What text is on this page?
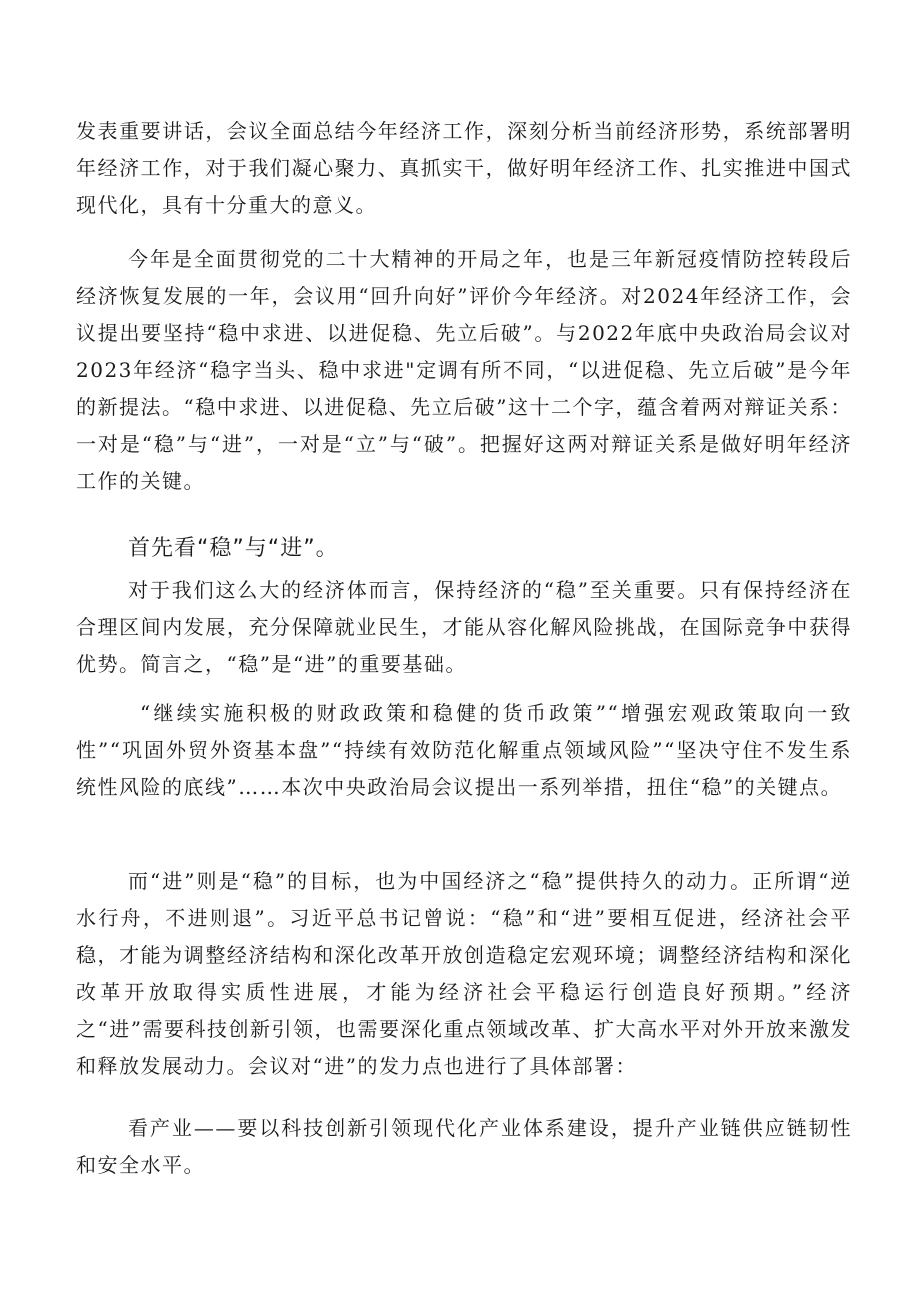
发表重要讲话，会议全面总结今年经济工作，深刻分析当前经济形势，系统部署明年经济工作，对于我们凝心聚力、真抓实干，做好明年经济工作、扎实推进中国式现代化，具有十分重大的意义。

今年是全面贯彻党的二十大精神的开局之年，也是三年新冠疫情防控转段后经济恢复发展的一年，会议用“回升向好”评价今年经济。对2024年经济工作，会议提出要坚持“稳中求进、以进促稳、先立后破”。与2022年底中央政治局会议对2023年经济“稳字当头、稳中求进"定调有所不同，“以进促稳、先立后破”是今年的新提法。“稳中求进、以进促稳、先立后破”这十二个字，蕴含着两对辩证关系：一对是“稳”与“进”，一对是“立”与“破”。把握好这两对辩证关系是做好明年经济工作的关键。

首先看“稳”与“进”。

对于我们这么大的经济体而言，保持经济的“稳”至关重要。只有保持经济在合理区间内发展，充分保障就业民生，才能从容化解风险挑战，在国际竞争中获得优势。简言之，“稳”是“进”的重要基础。

“继续实施积极的财政政策和稳健的货币政策”“增强宏观政策取向一致性”“巩固外贸外资基本盘”“持续有效防范化解重点领域风险”“坚决守住不发生系统性风险的底线”……本次中央政治局会议提出一系列举措，扭住“稳”的关键点。

而“进”则是“稳”的目标，也为中国经济之“稳”提供持久的动力。正所谓“逆水行舟，不进则退”。习近平总书记曾说：“稳”和“进”要相互促进，经济社会平稳，才能为调整经济结构和深化改革开放创造稳定宏观环境；调整经济结构和深化改革开放取得实质性进展，才能为经济社会平稳运行创造良好预期。”经济之“进”需要科技创新引领，也需要深化重点领域改革、扩大高水平对外开放来激发和释放发展动力。会议对“进”的发力点也进行了具体部署：

看产业——要以科技创新引领现代化产业体系建设，提升产业链供应链韧性和安全水平。
